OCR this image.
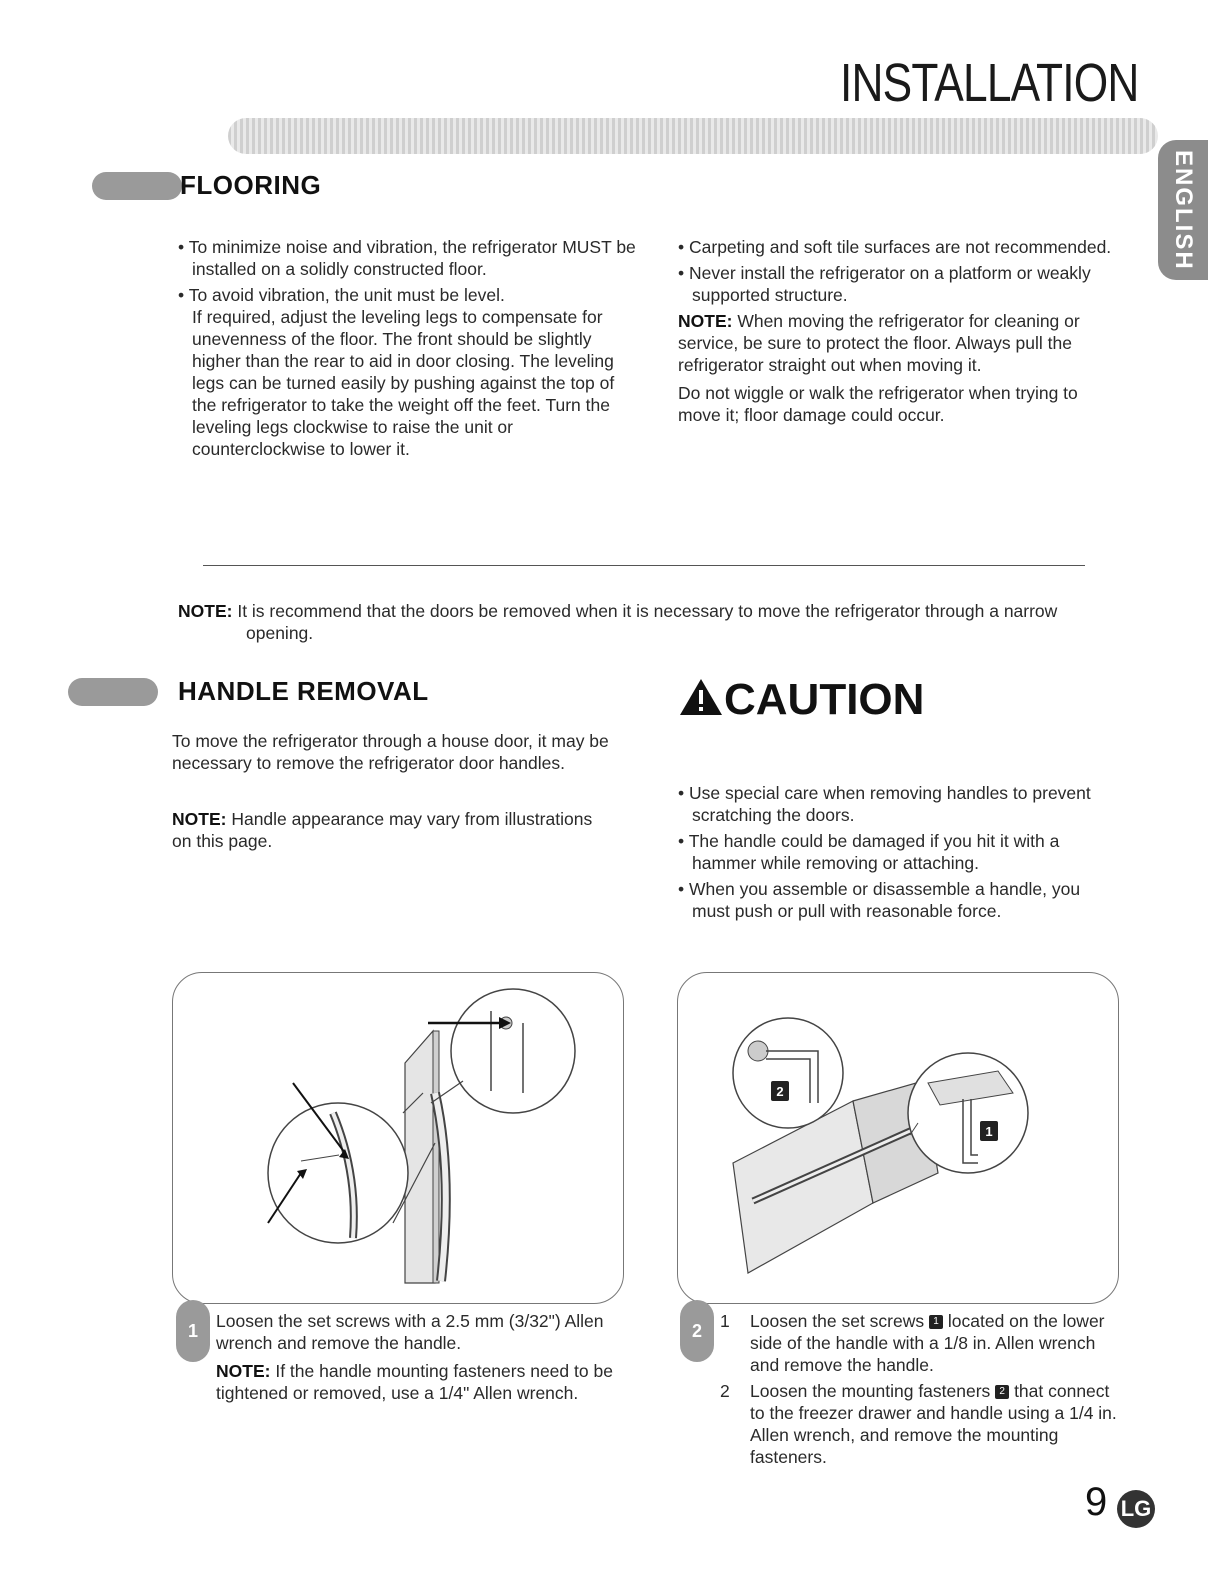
INSTALLATION
ENGLISH
FLOORING

• To minimize noise and vibration, the refrigerator MUST be installed on a solidly constructed floor.

• To avoid vibration, the unit must be level.

If required, adjust the leveling legs to compensate for unevenness of the floor. The front should be slightly higher than the rear to aid in door closing. The leveling legs can be turned easily by pushing against the top of the refrigerator to take the weight off the feet. Turn the leveling legs clockwise to raise the unit or counterclockwise to lower it.

• Carpeting and soft tile surfaces are not recommended.

• Never install the refrigerator on a platform or weakly supported structure.

NOTE: When moving the refrigerator for cleaning or service, be sure to protect the floor. Always pull the refrigerator straight out when moving it.

Do not wiggle or walk the refrigerator when trying to move it; floor damage could occur.

NOTE: It is recommend that the doors be removed when it is necessary to move the refrigerator through a narrow opening.

HANDLE REMOVAL

To move the refrigerator through a house door, it may be necessary to remove the refrigerator door handles.

NOTE: Handle appearance may vary from illustrations on this page.

CAUTION

• Use special care when removing handles to prevent scratching the doors.

• The handle could be damaged if you hit it with a hammer while removing or attaching.

• When you assemble or disassemble a handle, you must push or pull with reasonable force.

1	Loosen the set screws with a 2.5 mm (3/32") Allen wrench and remove the handle.

NOTE: If the handle mounting fasteners need to be tightened or removed, use a 1/4" Allen wrench.

2
1
2	1 Loosen the set screws 1 located on the lower side of the handle with a 1/8 in. Allen wrench and remove the handle.
2 Loosen the mounting fasteners 2 that connect to the freezer drawer and handle using a 1/4 in. Allen wrench, and remove the mounting fasteners.
9 LG
